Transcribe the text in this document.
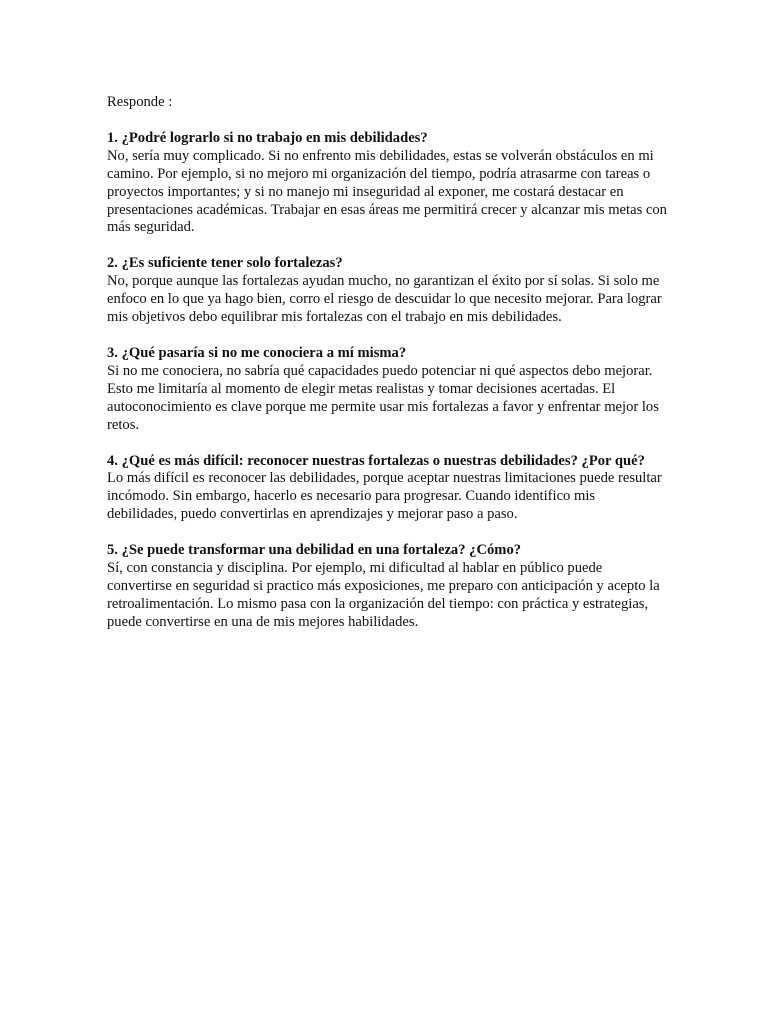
Responde :

1. ¿Podré lograrlo si no trabajo en mis debilidades?

No, sería muy complicado. Si no enfrento mis debilidades, estas se volverán obstáculos en mi camino. Por ejemplo, si no mejoro mi organización del tiempo, podría atrasarme con tareas o proyectos importantes; y si no manejo mi inseguridad al exponer, me costará destacar en presentaciones académicas. Trabajar en esas áreas me permitirá crecer y alcanzar mis metas con más seguridad.

2. ¿Es suficiente tener solo fortalezas?

No, porque aunque las fortalezas ayudan mucho, no garantizan el éxito por sí solas. Si solo me enfoco en lo que ya hago bien, corro el riesgo de descuidar lo que necesito mejorar. Para lograr mis objetivos debo equilibrar mis fortalezas con el trabajo en mis debilidades.

3. ¿Qué pasaría si no me conociera a mí misma?

Si no me conociera, no sabría qué capacidades puedo potenciar ni qué aspectos debo mejorar. Esto me limitaría al momento de elegir metas realistas y tomar decisiones acertadas. El autoconocimiento es clave porque me permite usar mis fortalezas a favor y enfrentar mejor los retos.

4. ¿Qué es más difícil: reconocer nuestras fortalezas o nuestras debilidades? ¿Por qué?

Lo más difícil es reconocer las debilidades, porque aceptar nuestras limitaciones puede resultar incómodo. Sin embargo, hacerlo es necesario para progresar. Cuando identifico mis debilidades, puedo convertirlas en aprendizajes y mejorar paso a paso.

5. ¿Se puede transformar una debilidad en una fortaleza? ¿Cómo?

Sí, con constancia y disciplina. Por ejemplo, mi dificultad al hablar en público puede convertirse en seguridad si practico más exposiciones, me preparo con anticipación y acepto la retroalimentación. Lo mismo pasa con la organización del tiempo: con práctica y estrategias, puede convertirse en una de mis mejores habilidades.
